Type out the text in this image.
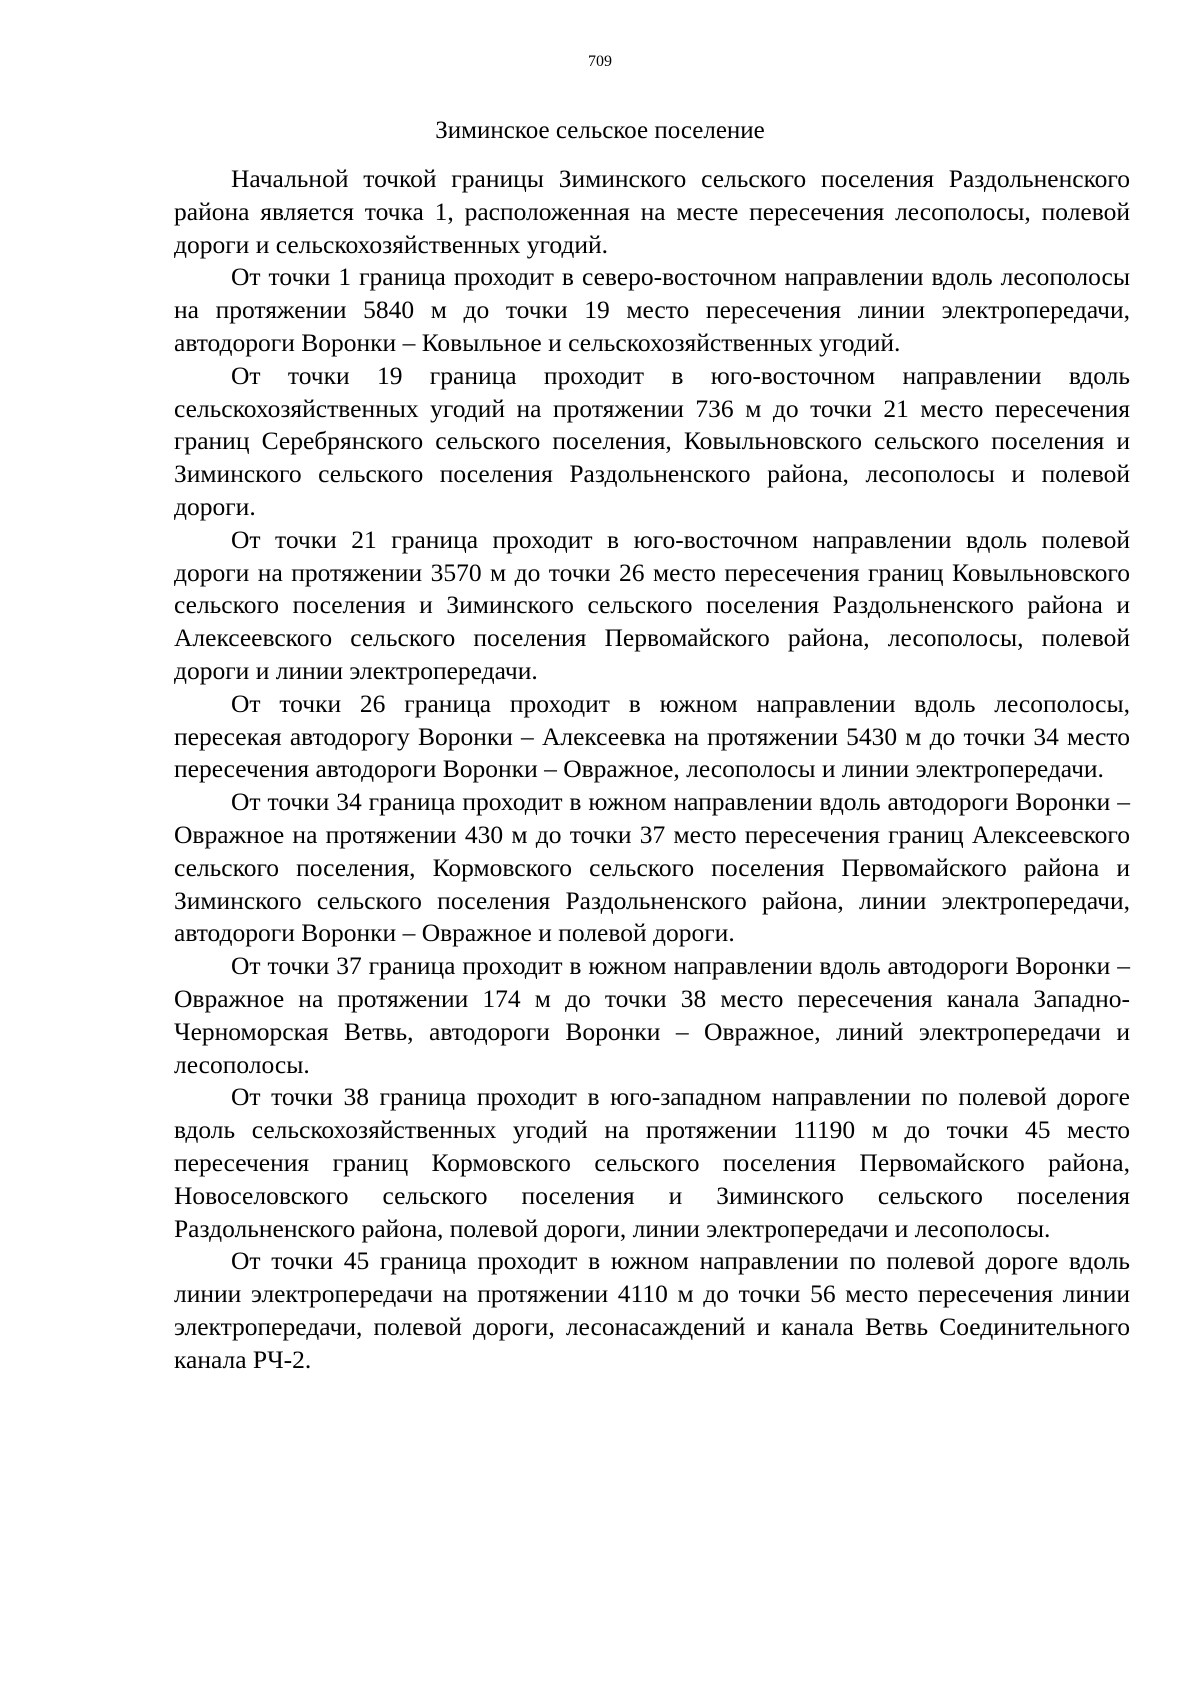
709

Зиминское сельское поселение

Начальной точкой границы Зиминского сельского поселения Раздольненского района является точка 1, расположенная на месте пересечения лесополосы, полевой дороги и сельскохозяйственных угодий.

От точки 1 граница проходит в северо-восточном направлении вдоль лесополосы на протяжении 5840 м до точки 19 место пересечения линии электропередачи, автодороги Воронки – Ковыльное и сельскохозяйственных угодий.

От точки 19 граница проходит в юго-восточном направлении вдоль сельскохозяйственных угодий на протяжении 736 м до точки 21 место пересечения границ Серебрянского сельского поселения, Ковыльновского сельского поселения и Зиминского сельского поселения Раздольненского района, лесополосы и полевой дороги.

От точки 21 граница проходит в юго-восточном направлении вдоль полевой дороги на протяжении 3570 м до точки 26 место пересечения границ Ковыльновского сельского поселения и Зиминского сельского поселения Раздольненского района и Алексеевского сельского поселения Первомайского района, лесополосы, полевой дороги и линии электропередачи.

От точки 26 граница проходит в южном направлении вдоль лесополосы, пересекая автодорогу Воронки – Алексеевка на протяжении 5430 м до точки 34 место пересечения автодороги Воронки – Овражное, лесополосы и линии электропередачи.

От точки 34 граница проходит в южном направлении вдоль автодороги Воронки – Овражное на протяжении 430 м до точки 37 место пересечения границ Алексеевского сельского поселения, Кормовского сельского поселения Первомайского района и Зиминского сельского поселения Раздольненского района, линии электропередачи, автодороги Воронки – Овражное и полевой дороги.

От точки 37 граница проходит в южном направлении вдоль автодороги Воронки – Овражное на протяжении 174 м до точки 38 место пересечения канала Западно-Черноморская Ветвь, автодороги Воронки – Овражное, линий электропередачи и лесополосы.

От точки 38 граница проходит в юго-западном направлении по полевой дороге вдоль сельскохозяйственных угодий на протяжении 11190 м до точки 45 место пересечения границ Кормовского сельского поселения Первомайского района, Новоселовского сельского поселения и Зиминского сельского поселения Раздольненского района, полевой дороги, линии электропередачи и лесополосы.

От точки 45 граница проходит в южном направлении по полевой дороге вдоль линии электропередачи на протяжении 4110 м до точки 56 место пересечения линии электропередачи, полевой дороги, лесонасаждений и канала Ветвь Соединительного канала РЧ-2.
